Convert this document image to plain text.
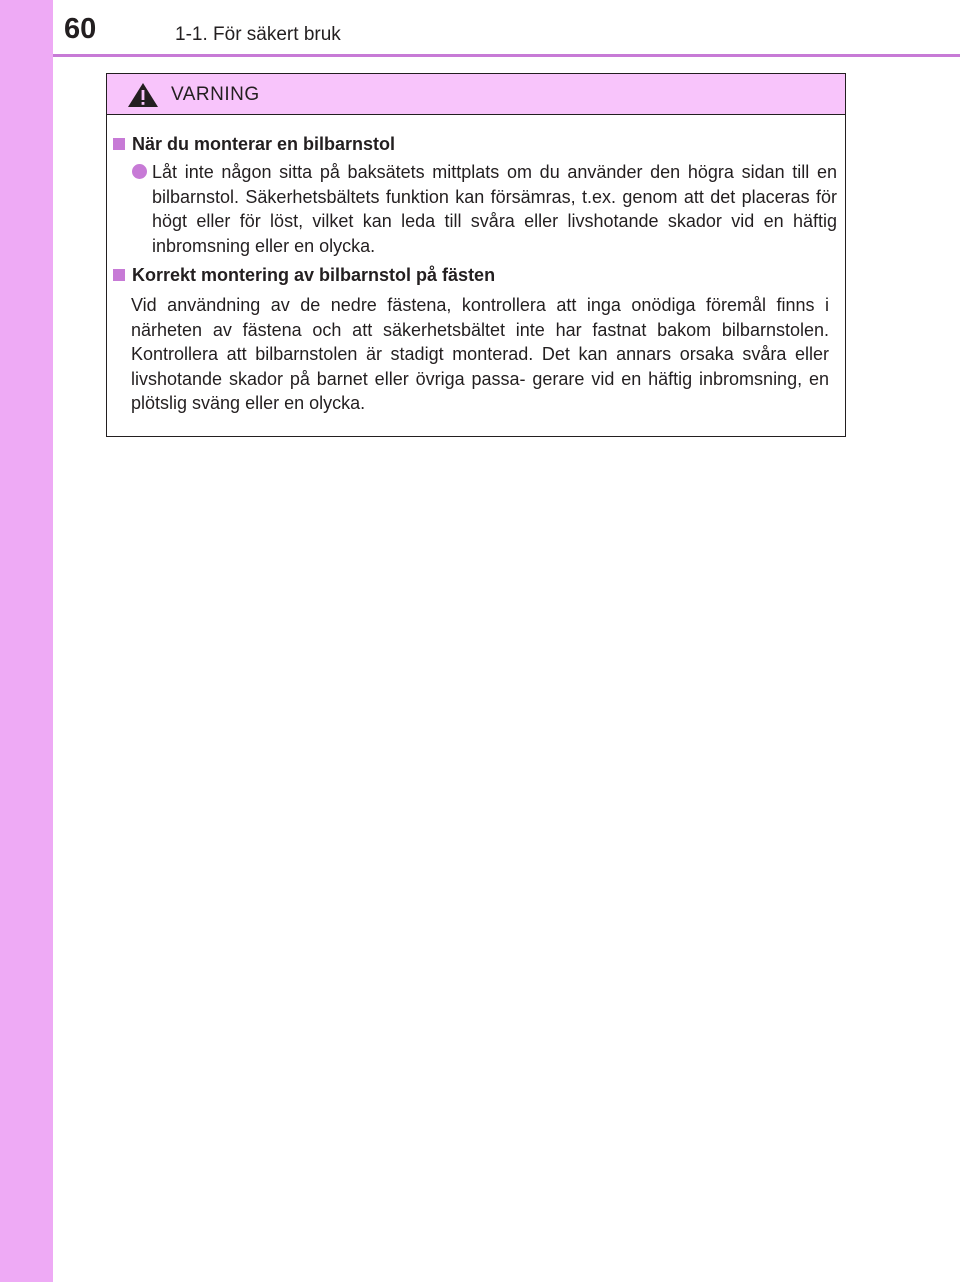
60	1-1. För säkert bruk
VARNING
När du monterar en bilbarnstol

Låt inte någon sitta på baksätets mittplats om du använder den högra sidan till en bilbarnstol. Säkerhetsbältets funktion kan försämras, t.ex. genom att det placeras för högt eller för löst, vilket kan leda till svåra eller livshotande skador vid en häftig inbromsning eller en olycka.

Korrekt montering av bilbarnstol på fästen

Vid användning av de nedre fästena, kontrollera att inga onödiga föremål finns i närheten av fästena och att säkerhetsbältet inte har fastnat bakom bilbarnstolen. Kontrollera att bilbarnstolen är stadigt monterad. Det kan annars orsaka svåra eller livshotande skador på barnet eller övriga passa- gerare vid en häftig inbromsning, en plötslig sväng eller en olycka.
